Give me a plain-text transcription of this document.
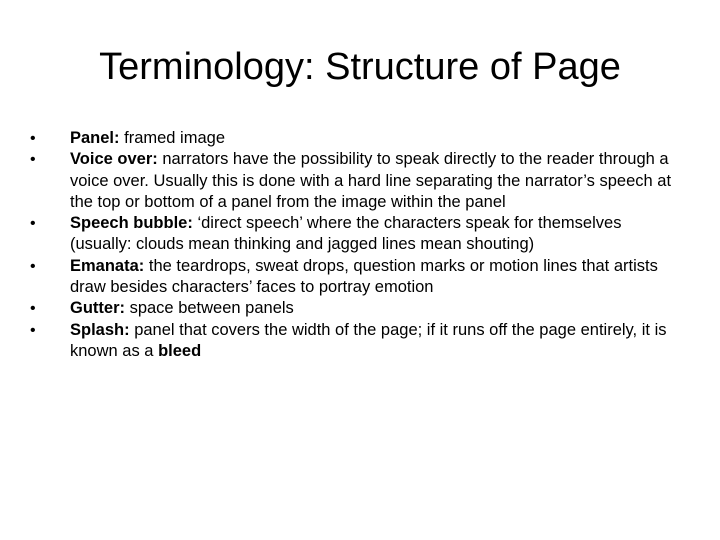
Terminology: Structure of Page
•	Panel: framed image
•	Voice over: narrators have the possibility to speak directly to the reader through a voice over. Usually this is done with a hard line separating the narrator’s speech at the top or bottom of a panel from the image within the panel
•	Speech bubble: ‘direct speech’ where the characters speak for themselves (usually: clouds mean thinking and jagged lines mean shouting)
•	Emanata: the teardrops, sweat drops, question marks or motion lines that artists draw besides characters’ faces to portray emotion
•	Gutter: space between panels
•	Splash: panel that covers the width of the page; if it runs off the page entirely, it is known as a bleed
